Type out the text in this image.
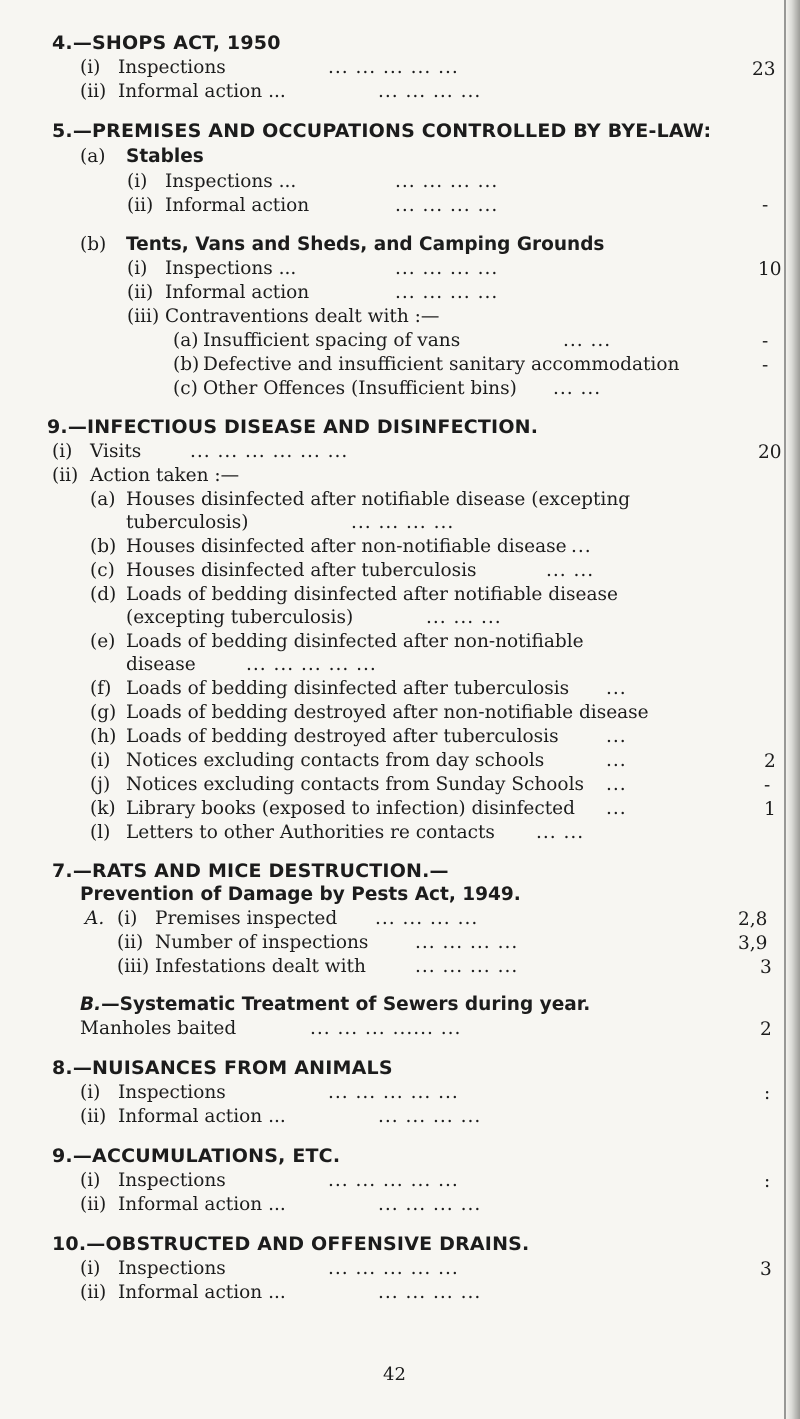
4.—SHOPS ACT, 1950
(i) Inspections	... ... ... ... ...	23
(ii) Informal action ...	... ... ... ...
5.—PREMISES AND OCCUPATIONS CONTROLLED BY BYE-LAW:
(a) Stables
(i) Inspections ...	... ... ... ...
(ii) Informal action	... ... ... ...	-
(b) Tents, Vans and Sheds, and Camping Grounds
(i) Inspections ...	... ... ... ...	10
(ii) Informal action	... ... ... ...
(iii) Contraventions dealt with :—
(a) Insufficient spacing of vans	... ...	-
(b) Defective and insufficient sanitary accommodation	-
(c) Other Offences (Insufficient bins) ... ...
9.—INFECTIOUS DISEASE AND DISINFECTION.
(i) Visits	... ... ... ... ... ...	20
(ii) Action taken :—
(a) Houses disinfected after notifiable disease (excepting
tuberculosis)	... ... ... ...
(b) Houses disinfected after non-notifiable disease ...
(c) Houses disinfected after tuberculosis	... ...
(d) Loads of bedding disinfected after notifiable disease
(excepting tuberculosis)	... ... ...
(e) Loads of bedding disinfected after non-notifiable
disease	... ... ... ... ...
(f) Loads of bedding disinfected after tuberculosis ...
(g) Loads of bedding destroyed after non-notifiable disease
(h) Loads of bedding destroyed after tuberculosis	...
(i) Notices excluding contacts from day schools	...	2
(j) Notices excluding contacts from Sunday Schools ...	-
(k) Library books (exposed to infection) disinfected ...	1
(l) Letters to other Authorities re contacts ... ...
7.—RATS AND MICE DESTRUCTION.—
Prevention of Damage by Pests Act, 1949.
A. (i) Premises inspected ... ... ... ...	2,8
(ii) Number of inspections	... ... ... ...	3,9
(iii) Infestations dealt with	... ... ... ...	3
B.—Systematic Treatment of Sewers during year.
Manholes baited	... ... ... ...... ...	2
8.—NUISANCES FROM ANIMALS
(i) Inspections	... ... ... ... ...	:
(ii) Informal action ...	... ... ... ...
9.—ACCUMULATIONS, ETC.
(i) Inspections	... ... ... ... ...	:
(ii) Informal action ...	... ... ... ...
10.—OBSTRUCTED AND OFFENSIVE DRAINS.
(i) Inspections	... ... ... ... ...	3
(ii) Informal action ...	... ... ... ...
42
